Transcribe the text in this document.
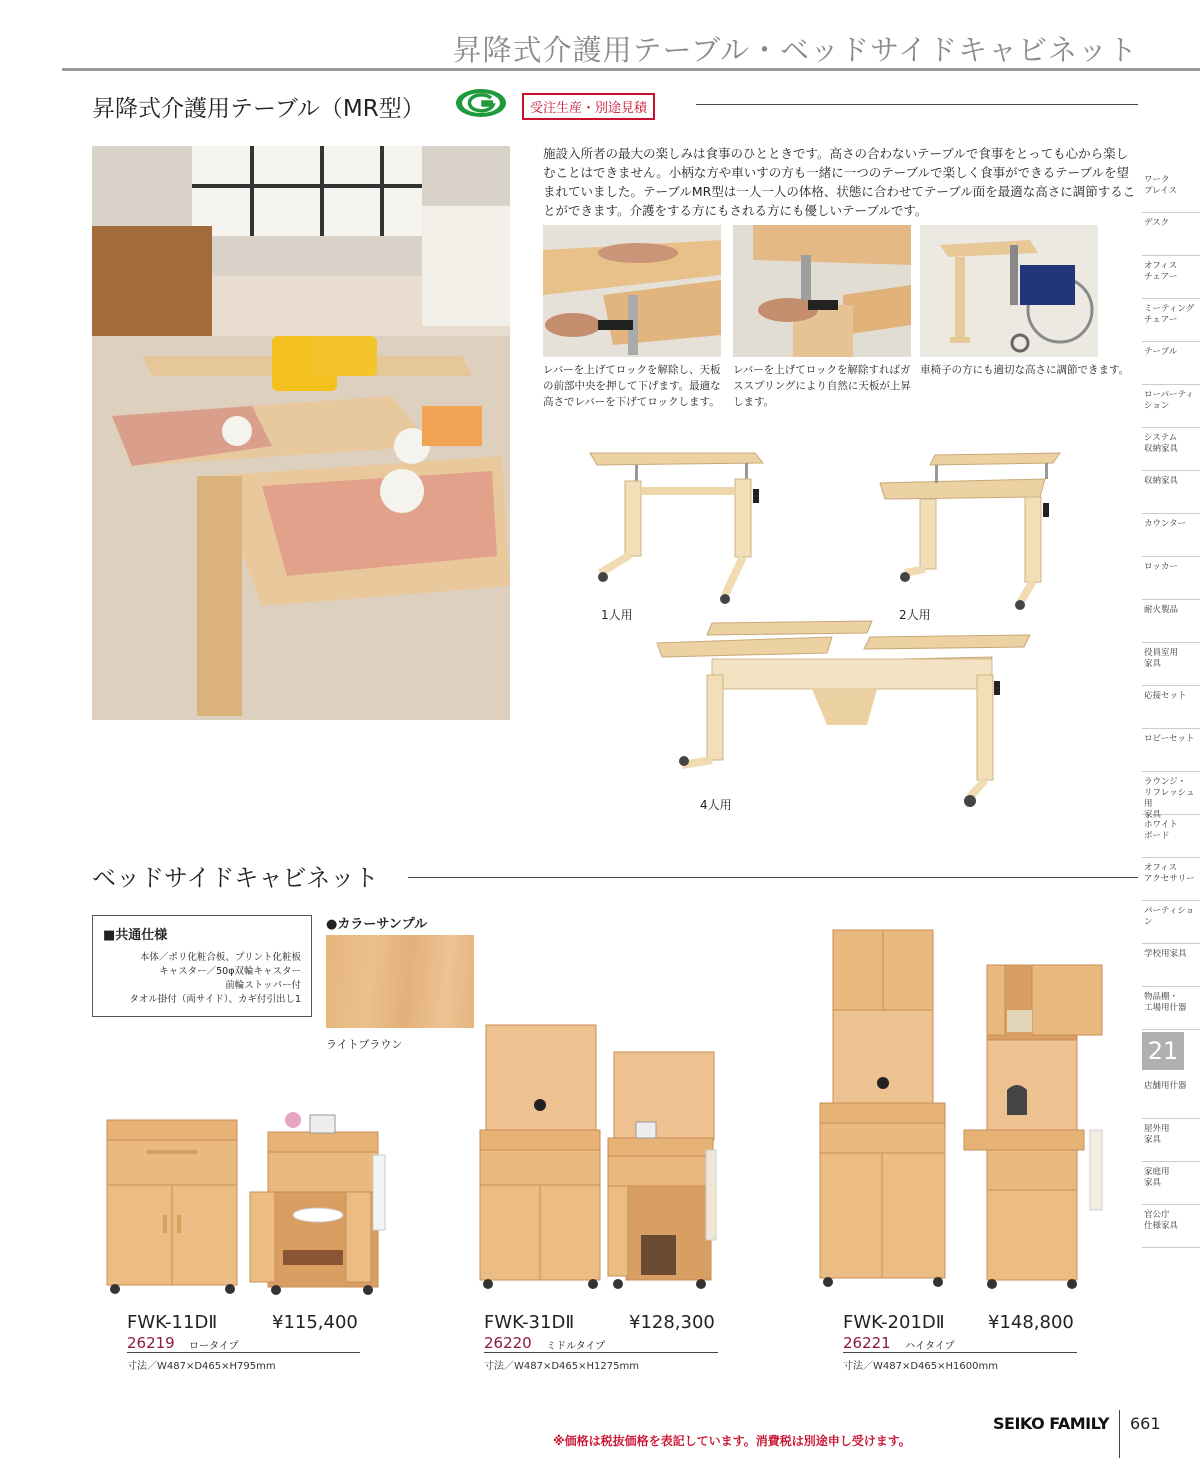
昇降式介護用テーブル・ベッドサイドキャビネット
昇降式介護用テーブル（MR型）	受注生産・別途見積
施設入所者の最大の楽しみは食事のひとときです。高さの合わないテーブルで食事をとっても心から楽しむことはできません。小柄な方や車いすの方も一緒に一つのテーブルで楽しく食事ができるテーブルを望まれていました。テーブルMR型は一人一人の体格、状態に合わせてテーブル面を最適な高さに調節することができます。介護をする方にもされる方にも優しいテーブルです。
レバーを上げてロックを解除し、天板の前部中央を押して下げます。最適な高さでレバーを下げてロックします。
レバーを上げてロックを解除すればガススプリングにより自然に天板が上昇します。
車椅子の方にも適切な高さに調節できます。
1人用	2人用
4人用
ベッドサイドキャビネット
■共通仕様
本体／ポリ化粧合板、プリント化粧板
キャスター／50φ双輪キャスター
前輪ストッパー付
タオル掛付（両サイド）、カギ付引出し1
●カラーサンプル
ライトブラウン
FWK-11DⅡ	¥115,400
26219 ロータイプ
寸法／W487×D465×H795mm
FWK-31DⅡ	¥128,300
26220 ミドルタイプ
寸法／W487×D465×H1275mm
FWK-201DⅡ ¥148,800
26221 ハイタイプ
寸法／W487×D465×H1600mm
ワーク
プレイス
デスク
オフィス
チェアー
ミーティング
チェアー
テーブル
ローパーティション
システム
収納家具
収納家具
カウンター
ロッカー
耐火製品
役員室用
家具
応接セット
ロビーセット
ラウンジ・
リフレッシュ用
家具
ホワイト
ボード
オフィス
アクセサリー
パーティション
学校用家具
物品棚・
工場用什器
21
店舗用什器
屋外用
家具
家庭用
家具
官公庁
仕様家具
※価格は税抜価格を表記しています。消費税は別途申し受けます。
SEIKO FAMILY 661
